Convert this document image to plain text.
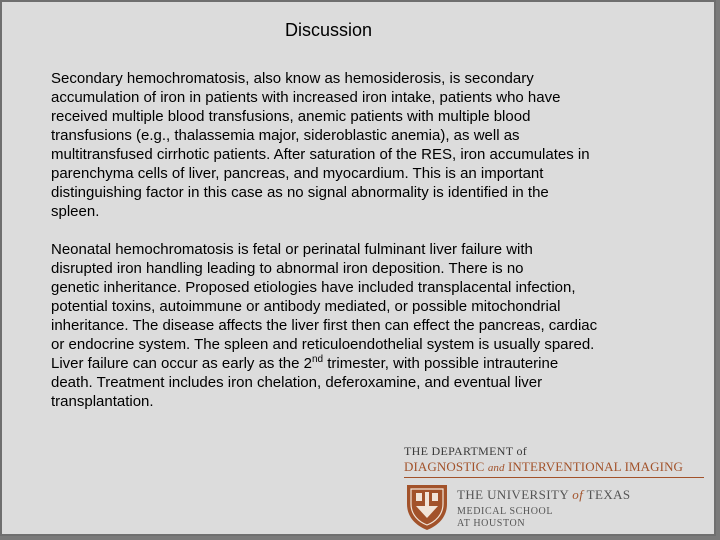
Discussion
Secondary hemochromatosis, also know as hemosiderosis, is secondary
accumulation of iron in patients with increased iron intake, patients who have
received multiple blood transfusions, anemic patients with multiple blood
transfusions (e.g., thalassemia major, sideroblastic anemia), as well as
multitransfused cirrhotic patients. After saturation of the RES, iron accumulates in
parenchyma cells of liver, pancreas, and myocardium. This is an important
distinguishing factor in this case as no signal abnormality is identified in the
spleen.
Neonatal hemochromatosis is fetal or perinatal fulminant liver failure with
disrupted iron handling leading to abnormal iron deposition. There is no
genetic inheritance. Proposed etiologies have included transplacental infection,
potential toxins, autoimmune or antibody mediated, or possible mitochondrial
inheritance. The disease affects the liver first then can effect the pancreas, cardiac
or endocrine system. The spleen and reticuloendothelial system is usually spared.
Liver failure can occur as early as the 2nd trimester, with possible intrauterine
death. Treatment includes iron chelation, deferoxamine, and eventual liver
transplantation.
THE DEPARTMENT of
DIAGNOSTIC and INTERVENTIONAL IMAGING
THE UNIVERSITY of TEXAS
MEDICAL SCHOOL
AT HOUSTON
